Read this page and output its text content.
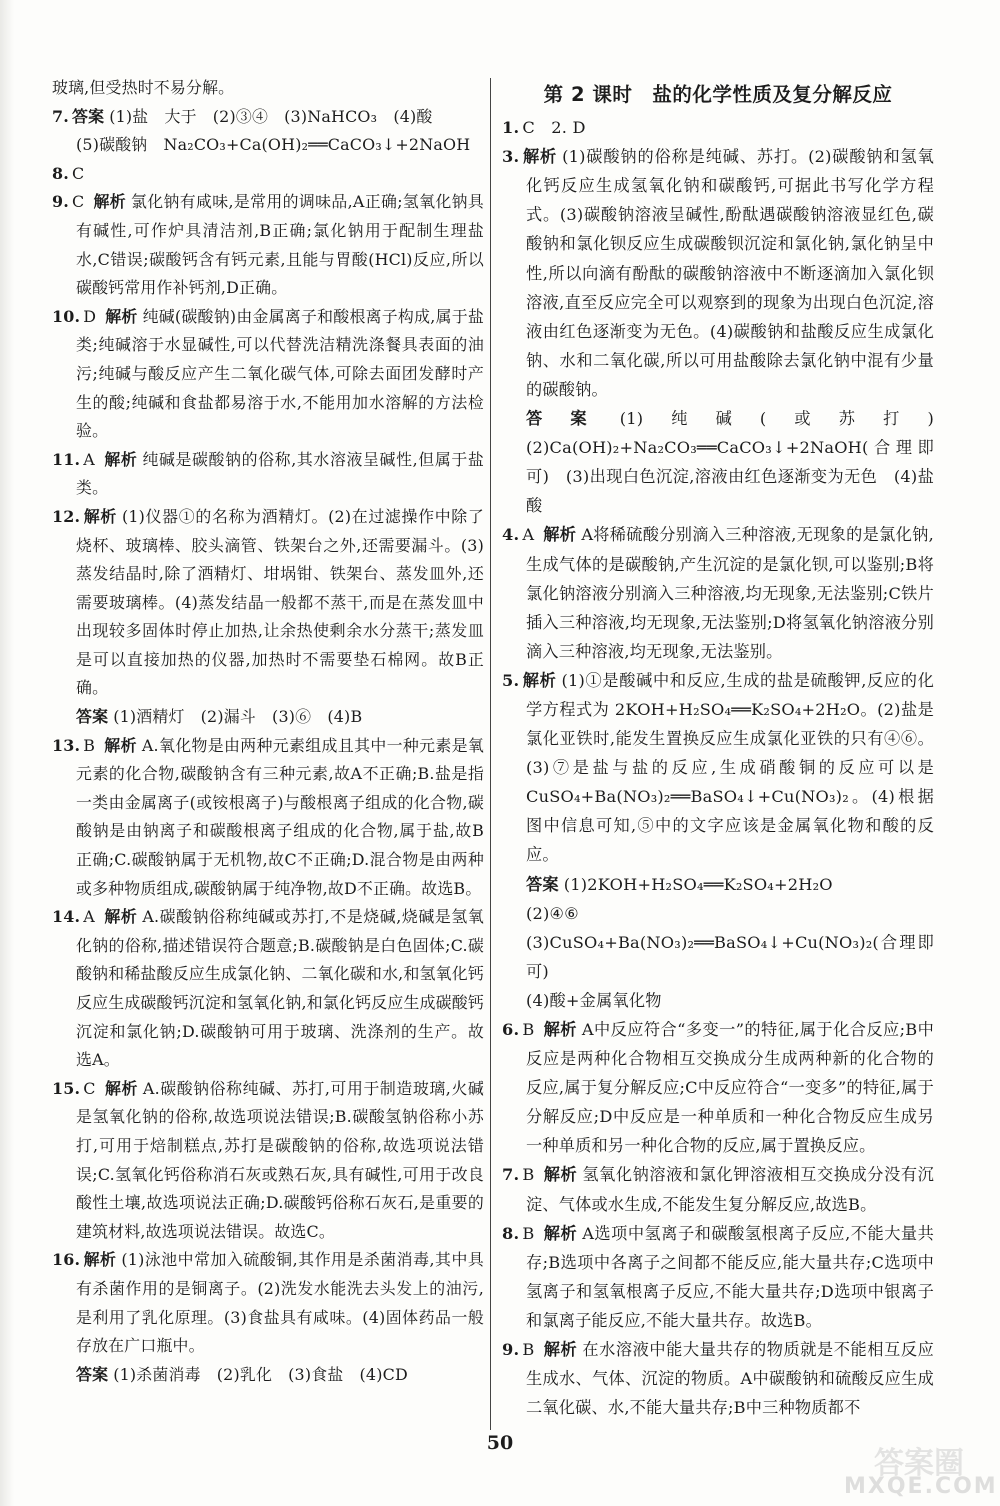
玻璃,但受热时不易分解。

7. 答案 (1)盐　大于　(2)③④　(3)NaHCO₃　(4)酸
(5)碳酸钠　Na₂CO₃+Ca(OH)₂══CaCO₃↓+2NaOH

8. C

9. C 解析 氯化钠有咸味,是常用的调味品,A正确;氢氧化钠具有碱性,可作炉具清洁剂,B正确;氯化钠用于配制生理盐水,C错误;碳酸钙含有钙元素,且能与胃酸(HCl)反应,所以碳酸钙常用作补钙剂,D正确。

10. D 解析 纯碱(碳酸钠)由金属离子和酸根离子构成,属于盐类;纯碱溶于水显碱性,可以代替洗洁精洗涤餐具表面的油污;纯碱与酸反应产生二氧化碳气体,可除去面团发酵时产生的酸;纯碱和食盐都易溶于水,不能用加水溶解的方法检验。

11. A 解析 纯碱是碳酸钠的俗称,其水溶液呈碱性,但属于盐类。

12. 解析 (1)仪器①的名称为酒精灯。(2)在过滤操作中除了烧杯、玻璃棒、胶头滴管、铁架台之外,还需要漏斗。(3)蒸发结晶时,除了酒精灯、坩埚钳、铁架台、蒸发皿外,还需要玻璃棒。(4)蒸发结晶一般都不蒸干,而是在蒸发皿中出现较多固体时停止加热,让余热使剩余水分蒸干;蒸发皿是可以直接加热的仪器,加热时不需要垫石棉网。故B正确。

答案 (1)酒精灯　(2)漏斗　(3)⑥　(4)B

13. B 解析 A.氧化物是由两种元素组成且其中一种元素是氧元素的化合物,碳酸钠含有三种元素,故A不正确;B.盐是指一类由金属离子(或铵根离子)与酸根离子组成的化合物,碳酸钠是由钠离子和碳酸根离子组成的化合物,属于盐,故B正确;C.碳酸钠属于无机物,故C不正确;D.混合物是由两种或多种物质组成,碳酸钠属于纯净物,故D不正确。故选B。

14. A 解析 A.碳酸钠俗称纯碱或苏打,不是烧碱,烧碱是氢氧化钠的俗称,描述错误符合题意;B.碳酸钠是白色固体;C.碳酸钠和稀盐酸反应生成氯化钠、二氧化碳和水,和氢氧化钙反应生成碳酸钙沉淀和氢氧化钠,和氯化钙反应生成碳酸钙沉淀和氯化钠;D.碳酸钠可用于玻璃、洗涤剂的生产。故选A。

15. C 解析 A.碳酸钠俗称纯碱、苏打,可用于制造玻璃,火碱是氢氧化钠的俗称,故选项说法错误;B.碳酸氢钠俗称小苏打,可用于焙制糕点,苏打是碳酸钠的俗称,故选项说法错误;C.氢氧化钙俗称消石灰或熟石灰,具有碱性,可用于改良酸性土壤,故选项说法正确;D.碳酸钙俗称石灰石,是重要的建筑材料,故选项说法错误。故选C。

16. 解析 (1)泳池中常加入硫酸铜,其作用是杀菌消毒,其中具有杀菌作用的是铜离子。(2)洗发水能洗去头发上的油污,是利用了乳化原理。(3)食盐具有咸味。(4)固体药品一般存放在广口瓶中。

答案 (1)杀菌消毒　(2)乳化　(3)食盐　(4)CD

第 2 课时　盐的化学性质及复分解反应

1. C　2. D

3. 解析 (1)碳酸钠的俗称是纯碱、苏打。(2)碳酸钠和氢氧化钙反应生成氢氧化钠和碳酸钙,可据此书写化学方程式。(3)碳酸钠溶液呈碱性,酚酞遇碳酸钠溶液显红色,碳酸钠和氯化钡反应生成碳酸钡沉淀和氯化钠,氯化钠呈中性,所以向滴有酚酞的碳酸钠溶液中不断逐滴加入氯化钡溶液,直至反应完全可以观察到的现象为出现白色沉淀,溶液由红色逐渐变为无色。(4)碳酸钠和盐酸反应生成氯化钠、水和二氧化碳,所以可用盐酸除去氯化钠中混有少量的碳酸钠。

答案 (1)纯碱(或苏打)　(2)Ca(OH)₂+Na₂CO₃══CaCO₃↓+2NaOH(合理即可)　(3)出现白色沉淀,溶液由红色逐渐变为无色　(4)盐酸

4. A 解析 A将稀硫酸分别滴入三种溶液,无现象的是氯化钠,生成气体的是碳酸钠,产生沉淀的是氯化钡,可以鉴别;B将氯化钠溶液分别滴入三种溶液,均无现象,无法鉴别;C铁片插入三种溶液,均无现象,无法鉴别;D将氢氧化钠溶液分别滴入三种溶液,均无现象,无法鉴别。

5. 解析 (1)①是酸碱中和反应,生成的盐是硫酸钾,反应的化学方程式为 2KOH+H₂SO₄══K₂SO₄+2H₂O。(2)盐是氯化亚铁时,能发生置换反应生成氯化亚铁的只有④⑥。(3)⑦是盐与盐的反应,生成硝酸铜的反应可以是CuSO₄+Ba(NO₃)₂══BaSO₄↓+Cu(NO₃)₂。(4)根据图中信息可知,⑤中的文字应该是金属氧化物和酸的反应。

答案 (1)2KOH+H₂SO₄══K₂SO₄+2H₂O

(2)④⑥

(3)CuSO₄+Ba(NO₃)₂══BaSO₄↓+Cu(NO₃)₂(合理即可)

(4)酸+金属氧化物

6. B 解析 A中反应符合“多变一”的特征,属于化合反应;B中反应是两种化合物相互交换成分生成两种新的化合物的反应,属于复分解反应;C中反应符合“一变多”的特征,属于分解反应;D中反应是一种单质和一种化合物反应生成另一种单质和另一种化合物的反应,属于置换反应。

7. B 解析 氢氧化钠溶液和氯化钾溶液相互交换成分没有沉淀、气体或水生成,不能发生复分解反应,故选B。

8. B 解析 A选项中氢离子和碳酸氢根离子反应,不能大量共存;B选项中各离子之间都不能反应,能大量共存;C选项中氢离子和氢氧根离子反应,不能大量共存;D选项中银离子和氯离子能反应,不能大量共存。故选B。

9. B 解析 在水溶液中能大量共存的物质就是不能相互反应生成水、气体、沉淀的物质。A中碳酸钠和硫酸反应生成二氧化碳、水,不能大量共存;B中三种物质都不

50
答案圈
MXQE.COM
